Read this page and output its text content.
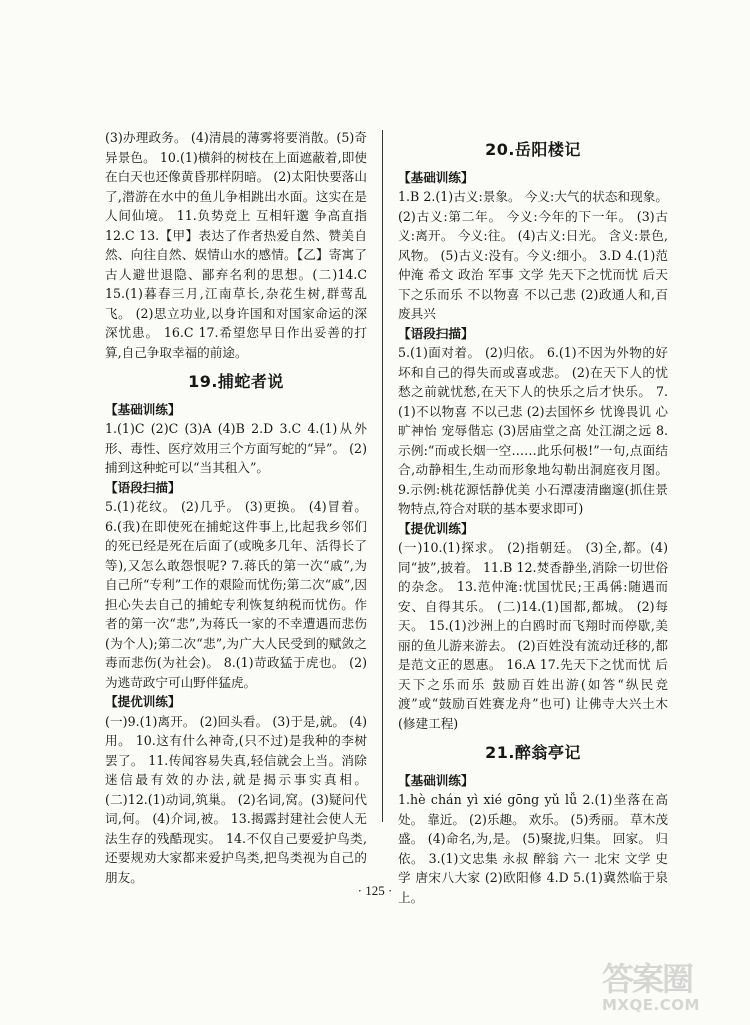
(3)办理政务。 (4)清晨的薄雾将要消散。(5)奇异景色。 10.(1)横斜的树枝在上面遮蔽着,即使在白天也还像黄昏那样阴暗。 (2)太阳快要落山了,潜游在水中的鱼儿争相跳出水面。这实在是人间仙境。 11.负势竞上 互相轩邈 争高直指 12.C 13.【甲】表达了作者热爱自然、赞美自然、向往自然、娱情山水的感情。【乙】寄寓了古人避世退隐、鄙弃名利的思想。(二)14.C 15.(1)暮春三月,江南草长,杂花生树,群莺乱飞。 (2)思立功业,以身许国和对国家命运的深深忧患。 16.C 17.希望您早日作出妥善的打算,自己争取幸福的前途。

19.捕蛇者说

【基础训练】

1.(1)C (2)C (3)A (4)B 2.D 3.C 4.(1)从外形、毒性、医疗效用三个方面写蛇的“异”。 (2)捕到这种蛇可以“当其租入”。

【语段扫描】

5.(1)花纹。 (2)几乎。 (3)更换。 (4)冒着。 6.(我)在即使死在捕蛇这件事上,比起我乡邻们的死已经是死在后面了(或晚多几年、活得长了等),又怎么敢怨恨呢? 7.蒋氏的第一次“戚”,为自己所“专利”工作的艰险而忧伤;第二次“戚”,因担心失去自己的捕蛇专利恢复纳税而忧伤。作者的第一次“悲”,为蒋氏一家的不幸遭遇而悲伤(为个人);第二次“悲”,为广大人民受到的赋敛之毒而悲伤(为社会)。 8.(1)苛政猛于虎也。 (2)为逃苛政宁可山野伴猛虎。

【提优训练】

(一)9.(1)离开。 (2)回头看。 (3)于是,就。 (4)用。 10.这有什么神奇,(只不过)是我种的李树罢了。 11.传闻容易失真,轻信就会上当。消除迷信最有效的办法,就是揭示事实真相。 (二)12.(1)动词,筑巢。 (2)名词,窝。(3)疑问代词,何。 (4)介词,被。 13.揭露封建社会使人无法生存的残酷现实。 14.不仅自己要爱护鸟类,还要规劝大家都来爱护鸟类,把鸟类视为自己的朋友。

20.岳阳楼记

【基础训练】

1.B 2.(1)古义:景象。 今义:大气的状态和现象。 (2)古义:第二年。 今义:今年的下一年。 (3)古义:离开。 今义:往。 (4)古义:日光。 含义:景色,风物。 (5)古义:没有。今义:细小。 3.D 4.(1)范仲淹 希文 政治 军事 文学 先天下之忧而忧 后天下之乐而乐 不以物喜 不以己悲 (2)政通人和,百废具兴

【语段扫描】

5.(1)面对着。 (2)归依。 6.(1)不因为外物的好坏和自己的得失而或喜或悲。 (2)在天下人的忧愁之前就忧愁,在天下人的快乐之后才快乐。 7.(1)不以物喜 不以己悲 (2)去国怀乡 忧谗畏讥 心旷神怡 宠辱偕忘 (3)居庙堂之高 处江湖之远 8.示例:“而或长烟一空……此乐何极!”一句,点面结合,动静相生,生动而形象地勾勒出洞庭夜月图。 9.示例:桃花源恬静优美 小石潭凄清幽邃(抓住景物特点,符合对联的基本要求即可)

【提优训练】

(一)10.(1)探求。 (2)指朝廷。 (3)全,都。(4)同“披”,披着。 11.B 12.焚香静坐,消除一切世俗的杂念。 13.范仲淹:忧国忧民;王禹偁:随遇而安、自得其乐。 (二)14.(1)国都,都城。 (2)每天。 15.(1)沙洲上的白鸥时而飞翔时而停歇,美丽的鱼儿游来游去。 (2)百姓没有流动迁移的,都是范文正的恩惠。 16.A 17.先天下之忧而忧 后天下之乐而乐 鼓励百姓出游(如答“纵民竞渡”或“鼓励百姓赛龙舟”也可) 让佛寺大兴土木(修建工程)

21.醉翁亭记

【基础训练】

1.hè chán yì xié gōng yǔ lǚ 2.(1)坐落在高处。 靠近。 (2)乐趣。 欢乐。 (5)秀丽。 草木茂盛。 (4)命名,为,是。 (5)聚拢,归集。 回家。 归依。 3.(1)文忠集 永叔 醉翁 六一 北宋 文学 史学 唐宋八大家 (2)欧阳修 4.D 5.(1)冀然临于泉上。

· 125 ·
答案圈
MXQE.COM
